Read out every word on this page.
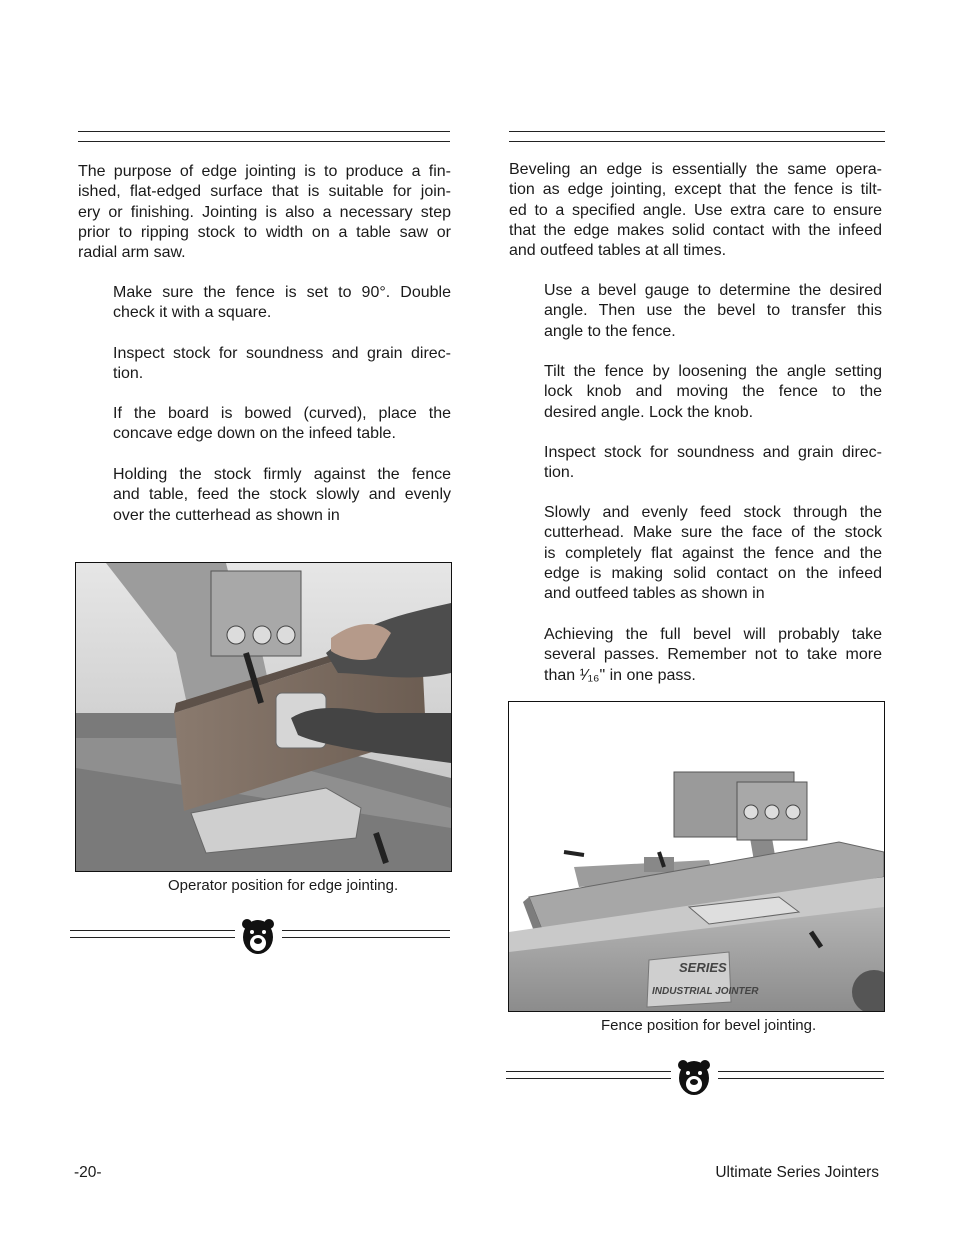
The purpose of edge jointing is to produce a fin-
ished, flat-edged surface that is suitable for join-
ery or finishing. Jointing is also a necessary step
prior to ripping stock to width on a table saw or
radial arm saw.
Make sure the fence is set to 90°. Double
check it with a square.
Inspect stock for soundness and grain direc-
tion.
If the board is bowed (curved), place the
concave edge down on the infeed table.
Holding the stock firmly against the fence
and table, feed the stock slowly and evenly
over the cutterhead as shown in
Operator position for edge jointing.
Beveling an edge is essentially the same opera-
tion as edge jointing, except that the fence is tilt-
ed to a specified angle. Use extra care to ensure
that the edge makes solid contact with the infeed
and outfeed tables at all times.
Use a bevel gauge to determine the desired
angle. Then use the bevel to transfer this
angle to the fence.
Tilt the fence by loosening the angle setting
lock knob and moving the fence to the
desired angle. Lock the knob.
Inspect stock for soundness and grain direc-
tion.
Slowly and evenly feed stock through the
cutterhead. Make sure the face of the stock
is completely flat against the fence and the
edge is making solid contact on the infeed
and outfeed tables as shown in
Achieving the full bevel will probably take
several passes. Remember not to take more
than ¹⁄₁₆" in one pass.
SERIES
INDUSTRIAL JOINTER
Fence position for bevel jointing.
-20-	Ultimate Series Jointers
